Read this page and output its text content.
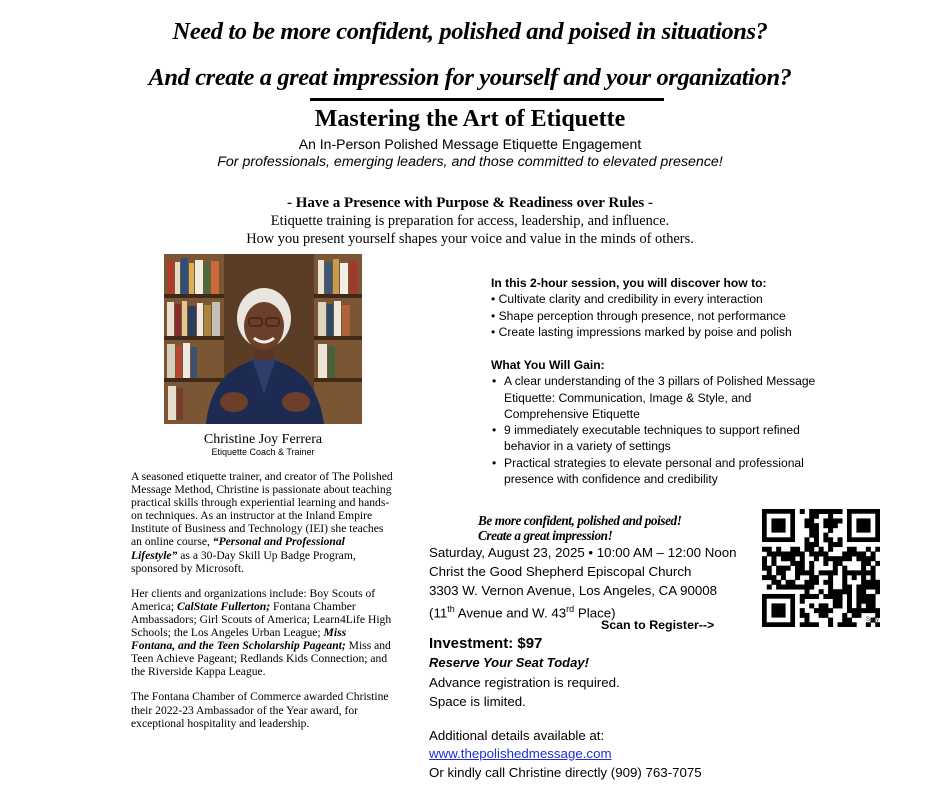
Need to be more confident, polished and poised in situations?
And create a great impression for yourself and your organization?
Mastering the Art of Etiquette
An In-Person Polished Message Etiquette Engagement
For professionals, emerging leaders, and those committed to elevated presence!
- Have a Presence with Purpose & Readiness over Rules -
Etiquette training is preparation for access, leadership, and influence.
How you present yourself shapes your voice and value in the minds of others.
Christine Joy Ferrera
Etiquette Coach & Trainer

A seasoned etiquette trainer, and creator of The Polished Message Method, Christine is passionate about teaching practical skills through experiential learning and hands-on techniques. As an instructor at the Inland Empire Institute of Business and Technology (IEI) she teaches an online course, “Personal and Professional Lifestyle” as a 30-Day Skill Up Badge Program, sponsored by Microsoft.

Her clients and organizations include: Boy Scouts of America; CalState Fullerton; Fontana Chamber Ambassadors; Girl Scouts of America; Learn4Life High Schools; the Los Angeles Urban League; Miss Fontana, and the Teen Scholarship Pageant; Miss and Teen Achieve Pageant; Redlands Kids Connection; and the Riverside Kappa League.

The Fontana Chamber of Commerce awarded Christine their 2022-23 Ambassador of the Year award, for exceptional hospitality and leadership.

In this 2-hour session, you will discover how to:
• Cultivate clarity and credibility in every interaction
• Shape perception through presence, not performance
• Create lasting impressions marked by poise and polish
What You Will Gain:
• A clear understanding of the 3 pillars of Polished Message Etiquette: Communication, Image & Style, and Comprehensive Etiquette
• 9 immediately executable techniques to support refined behavior in a variety of settings
• Practical strategies to elevate personal and professional presence with confidence and credibility
Be more confident, polished and poised!
Create a great impression!
Saturday, August 23, 2025 • 10:00 AM – 12:00 Noon
Christ the Good Shepherd Episcopal Church
3303 W. Vernon Avenue, Los Angeles, CA 90008
(11th Avenue and W. 43rd Place)
Scan to Register-->	Sally
Investment: $97
Reserve Your Seat Today!
Advance registration is required.
Space is limited.
Additional details available at:
www.thepolishedmessage.com
Or kindly call Christine directly (909) 763-7075
